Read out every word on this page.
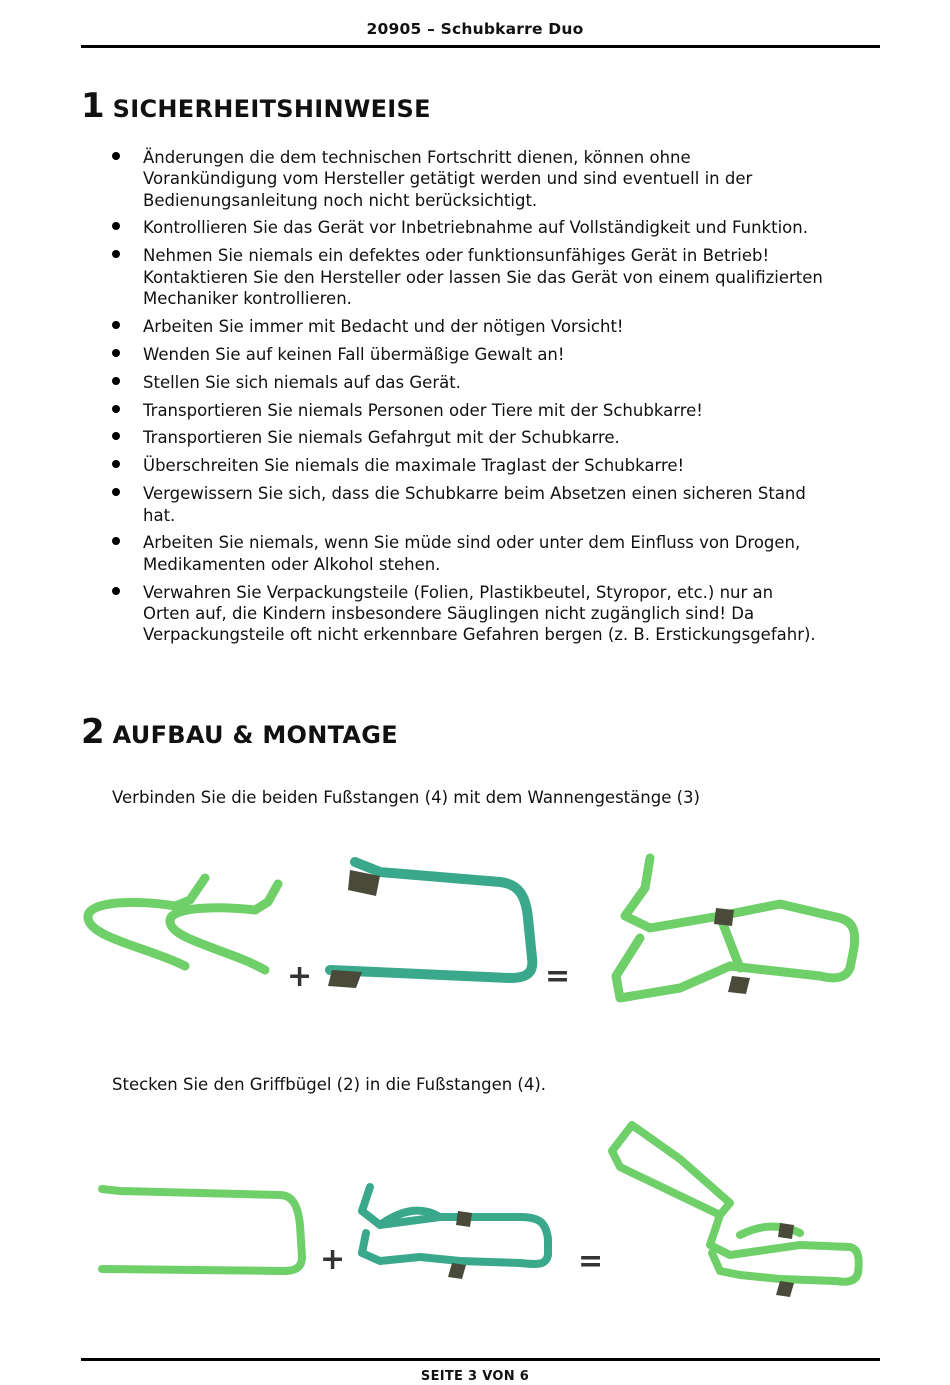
20905 – Schubkarre Duo
1 SICHERHEITSHINWEISE
Änderungen die dem technischen Fortschritt dienen, können ohne
Vorankündigung vom Hersteller getätigt werden und sind eventuell in der
Bedienungsanleitung noch nicht berücksichtigt.
Kontrollieren Sie das Gerät vor Inbetriebnahme auf Vollständigkeit und Funktion.
Nehmen Sie niemals ein defektes oder funktionsunfähiges Gerät in Betrieb!
Kontaktieren Sie den Hersteller oder lassen Sie das Gerät von einem qualifizierten
Mechaniker kontrollieren.
Arbeiten Sie immer mit Bedacht und der nötigen Vorsicht!
Wenden Sie auf keinen Fall übermäßige Gewalt an!
Stellen Sie sich niemals auf das Gerät.
Transportieren Sie niemals Personen oder Tiere mit der Schubkarre!
Transportieren Sie niemals Gefahrgut mit der Schubkarre.
Überschreiten Sie niemals die maximale Traglast der Schubkarre!
Vergewissern Sie sich, dass die Schubkarre beim Absetzen einen sicheren Stand
hat.
Arbeiten Sie niemals, wenn Sie müde sind oder unter dem Einfluss von Drogen,
Medikamenten oder Alkohol stehen.
Verwahren Sie Verpackungsteile (Folien, Plastikbeutel, Styropor, etc.) nur an
Orten auf, die Kindern insbesondere Säuglingen nicht zugänglich sind! Da
Verpackungsteile oft nicht erkennbare Gefahren bergen (z. B. Erstickungsgefahr).
2 AUFBAU & MONTAGE
Verbinden Sie die beiden Fußstangen (4) mit dem Wannengestänge (3)
+	=
Stecken Sie den Griffbügel (2) in die Fußstangen (4).
+	=
SEITE 3 VON 6
